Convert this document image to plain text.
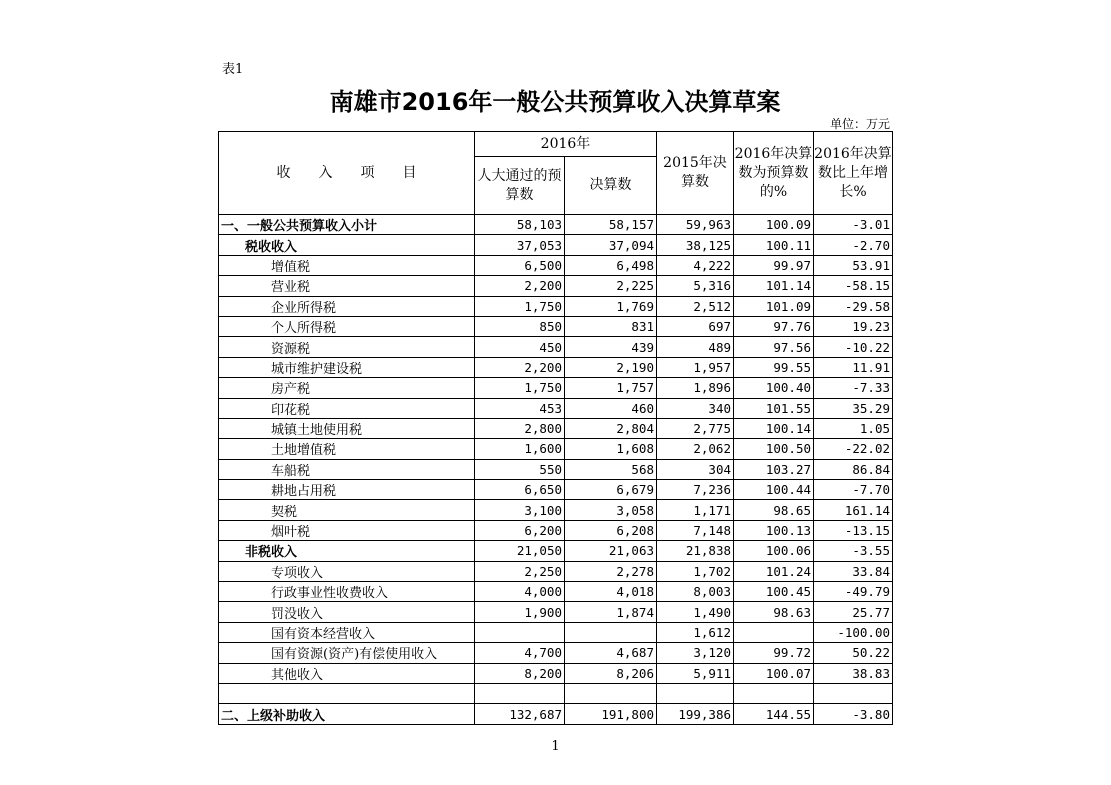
表1
南雄市2016年一般公共预算收入决算草案
单位：万元
收　　入　　项　　目	2016年		2015年决算数	2016年决算数为预算数的%	2016年决算数比上年增长%
	人大通过的预算数	决算数			
一、一般公共预算收入小计	58,103	58,157	59,963	100.09	-3.01
税收收入	37,053	37,094	38,125	100.11	-2.70
增值税	6,500	6,498	4,222	99.97	53.91
营业税	2,200	2,225	5,316	101.14	-58.15
企业所得税	1,750	1,769	2,512	101.09	-29.58
个人所得税	850	831	697	97.76	19.23
资源税	450	439	489	97.56	-10.22
城市维护建设税	2,200	2,190	1,957	99.55	11.91
房产税	1,750	1,757	1,896	100.40	-7.33
印花税	453	460	340	101.55	35.29
城镇土地使用税	2,800	2,804	2,775	100.14	1.05
土地增值税	1,600	1,608	2,062	100.50	-22.02
车船税	550	568	304	103.27	86.84
耕地占用税	6,650	6,679	7,236	100.44	-7.70
契税	3,100	3,058	1,171	98.65	161.14
烟叶税	6,200	6,208	7,148	100.13	-13.15
非税收入	21,050	21,063	21,838	100.06	-3.55
专项收入	2,250	2,278	1,702	101.24	33.84
行政事业性收费收入	4,000	4,018	8,003	100.45	-49.79
罚没收入	1,900	1,874	1,490	98.63	25.77
国有资本经营收入			1,612		-100.00
国有资源(资产)有偿使用收入	4,700	4,687	3,120	99.72	50.22
其他收入	8,200	8,206	5,911	100.07	38.83

二、上级补助收入	132,687	191,800	199,386	144.55	-3.80
1
